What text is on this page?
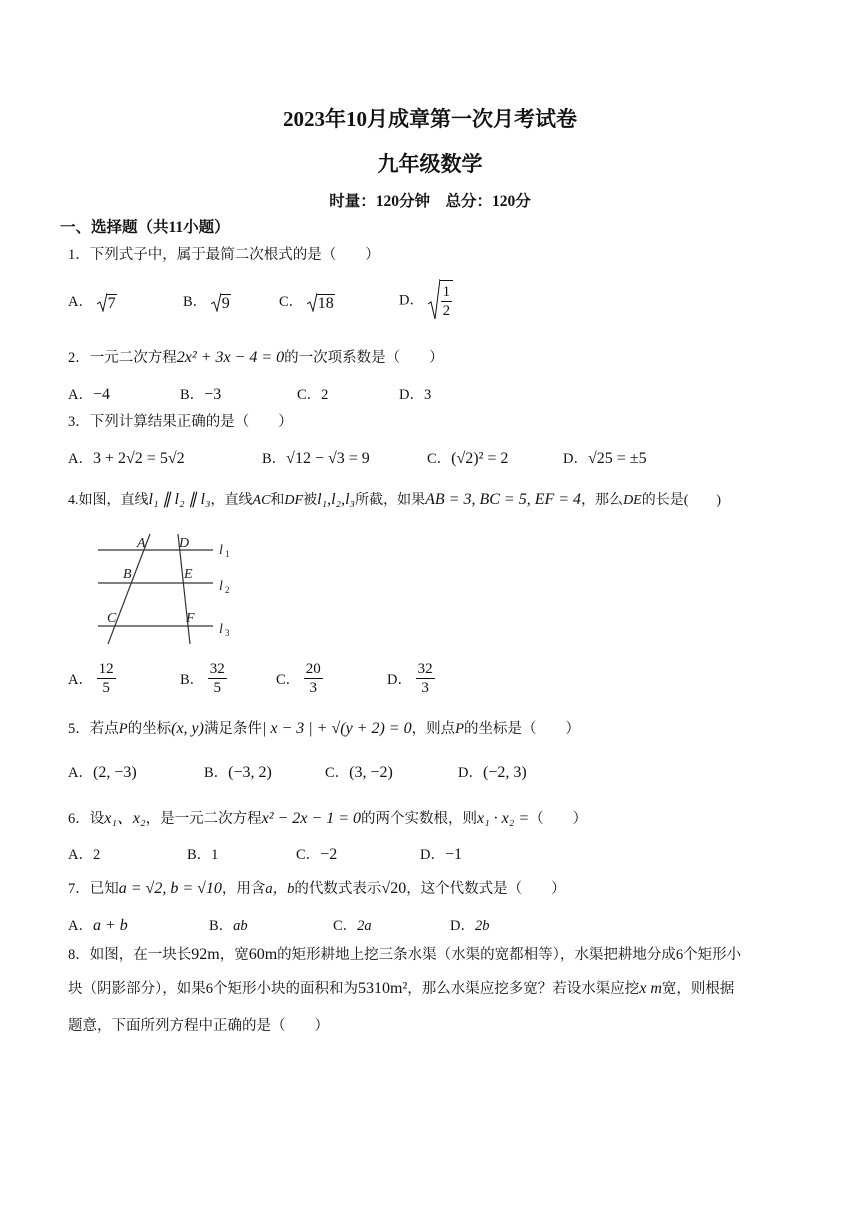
2023年10月成章第一次月考试卷
九年级数学
时量：120分钟　总分：120分
一、选择题（共11小题）
1．下列式子中，属于最简二次根式的是（　　）
A． 7	B． 9	C． 18	D． $\frac{1}{2}$
2．一元二次方程2x² + 3x − 4 = 0的一次项系数是（　　）
A．−4	B．−3	C．2	D．3
3．下列计算结果正确的是（　　）
A．3 + 2√2 = 5√2	B．√12 − √3 = 9	C．(√2)² = 2	D．√25 = ±5
4.如图，直线l₁ ∥ l₂ ∥ l₃，直线AC和DF被l₁,l₂,l₃所截，如果AB = 3, BC = 5, EF = 4，那么DE的长是(　　)
A D
B	E
C	F
l
l
l
1
2
3
A． $\frac{12}{5}$	B． $\frac{32}{5}$	C． $\frac{20}{3}$	D． $\frac{32}{3}$
5．若点P的坐标(x, y)满足条件| x − 3 | + √(y + 2) = 0，则点P的坐标是（　　）
A．(2, −3)	B．(−3, 2)	C．(3, −2)	D．(−2, 3)
6．设x₁、x₂，是一元二次方程x² − 2x − 1 = 0的两个实数根，则x₁ · x₂ =（　　）
A．2	B．1	C．−2	D．−1
7．已知a = √2, b = √10，用含a，b的代数式表示√20，这个代数式是（　　）
A．a + b	B．ab	C．2a	D．2b
8．如图，在一块长92m，宽60m的矩形耕地上挖三条水渠（水渠的宽都相等），水渠把耕地分成6个矩形小
块（阴影部分），如果6个矩形小块的面积和为5310m²，那么水渠应挖多宽？若设水渠应挖x m宽，则根据
题意，下面所列方程中正确的是（　　）
